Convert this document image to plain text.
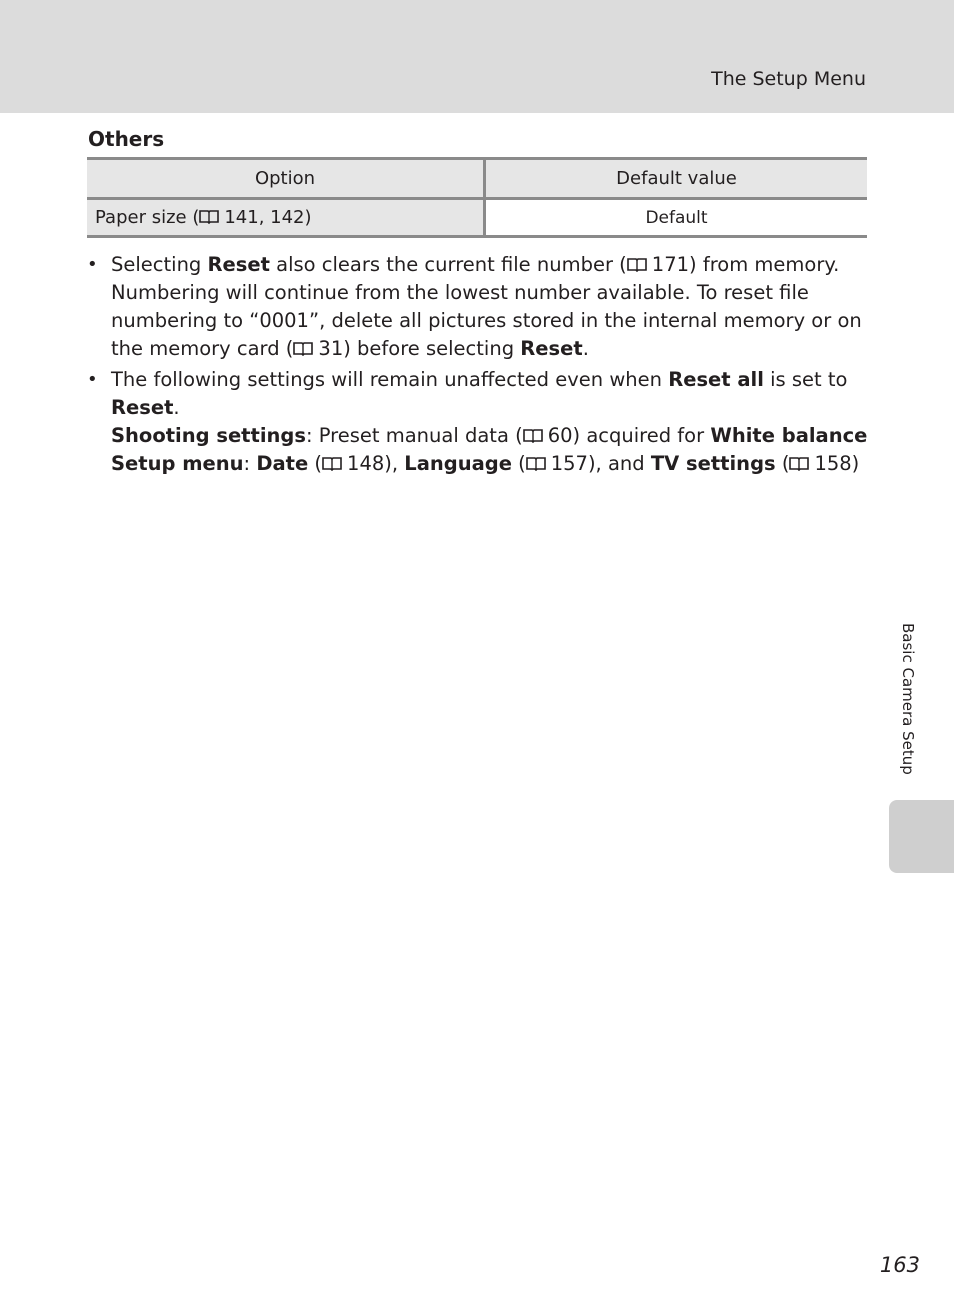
The Setup Menu
Others
Option	Default value
Paper size ( 141, 142)	Default
• Selecting Reset also clears the current file number ( 171) from memory. Numbering will continue from the lowest number available. To reset file numbering to “0001”, delete all pictures stored in the internal memory or on the memory card ( 31) before selecting Reset.
• The following settings will remain unaffected even when Reset all is set to Reset.
Shooting settings: Preset manual data ( 60) acquired for White balance
Setup menu: Date ( 148), Language ( 157), and TV settings ( 158)
Basic Camera Setup
163
